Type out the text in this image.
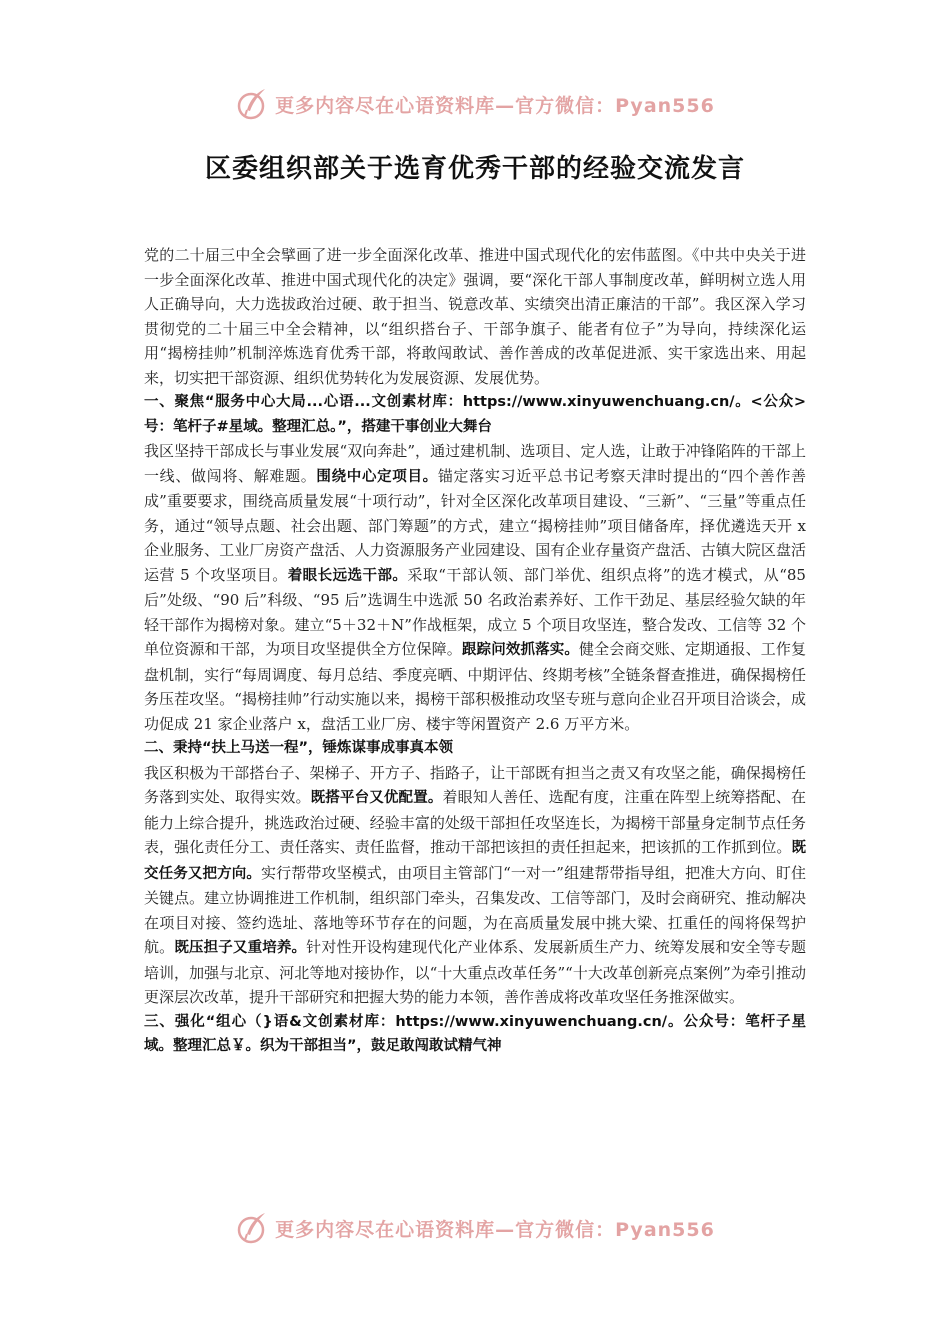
更多内容尽在心语资料库—官方微信：Pyan556
区委组织部关于选育优秀干部的经验交流发言

党的二十届三中全会擘画了进一步全面深化改革、推进中国式现代化的宏伟蓝图。《中共中央关于进一步全面深化改革、推进中国式现代化的决定》强调，要“深化干部人事制度改革，鲜明树立选人用人正确导向，大力选拔政治过硬、敢于担当、锐意改革、实绩突出清正廉洁的干部”。我区深入学习贯彻党的二十届三中全会精神，以“组织搭台子、干部争旗子、能者有位子”为导向，持续深化运用“揭榜挂帅”机制淬炼选育优秀干部，将敢闯敢试、善作善成的改革促进派、实干家选出来、用起来，切实把干部资源、组织优势转化为发展资源、发展优势。

一、聚焦“服务中心大局...心语...文创素材库：https://www.xinyuwenchuang.cn/。<公众>号：笔杆子#星域。整理汇总。”，搭建干事创业大舞台

我区坚持干部成长与事业发展“双向奔赴”，通过建机制、选项目、定人选，让敢于冲锋陷阵的干部上一线、做闯将、解难题。围绕中心定项目。锚定落实习近平总书记考察天津时提出的“四个善作善成”重要要求，围绕高质量发展“十项行动”，针对全区深化改革项目建设、“三新”、“三量”等重点任务，通过“领导点题、社会出题、部门筹题”的方式，建立“揭榜挂帅”项目储备库，择优遴选天开 x 企业服务、工业厂房资产盘活、人力资源服务产业园建设、国有企业存量资产盘活、古镇大院区盘活运营 5 个攻坚项目。着眼长远选干部。采取“干部认领、部门举优、组织点将”的选才模式，从“85 后”处级、“90 后”科级、“95 后”选调生中选派 50 名政治素养好、工作干劲足、基层经验欠缺的年轻干部作为揭榜对象。建立“5＋32＋N”作战框架，成立 5 个项目攻坚连，整合发改、工信等 32 个单位资源和干部，为项目攻坚提供全方位保障。跟踪问效抓落实。健全会商交账、定期通报、工作复盘机制，实行“每周调度、每月总结、季度亮晒、中期评估、终期考核”全链条督查推进，确保揭榜任务压茬攻坚。“揭榜挂帅”行动实施以来，揭榜干部积极推动攻坚专班与意向企业召开项目洽谈会，成功促成 21 家企业落户 x，盘活工业厂房、楼宇等闲置资产 2.6 万平方米。

二、秉持“扶上马送一程”，锤炼谋事成事真本领

我区积极为干部搭台子、架梯子、开方子、指路子，让干部既有担当之责又有攻坚之能，确保揭榜任务落到实处、取得实效。既搭平台又优配置。着眼知人善任、选配有度，注重在阵型上统筹搭配、在能力上综合提升，挑选政治过硬、经验丰富的处级干部担任攻坚连长，为揭榜干部量身定制节点任务表，强化责任分工、责任落实、责任监督，推动干部把该担的责任担起来，把该抓的工作抓到位。既交任务又把方向。实行帮带攻坚模式，由项目主管部门“一对一”组建帮带指导组，把准大方向、盯住关键点。建立协调推进工作机制，组织部门牵头，召集发改、工信等部门，及时会商研究、推动解决在项目对接、签约选址、落地等环节存在的问题，为在高质量发展中挑大梁、扛重任的闯将保驾护航。既压担子又重培养。针对性开设构建现代化产业体系、发展新质生产力、统筹发展和安全等专题培训，加强与北京、河北等地对接协作，以“十大重点改革任务”“十大改革创新亮点案例”为牵引推动更深层次改革，提升干部研究和把握大势的能力本领，善作善成将改革攻坚任务推深做实。

三、强化“组心（}语&文创素材库：https://www.xinyuwenchuang.cn/。公众号：笔杆子星域。整理汇总￥。织为干部担当”，鼓足敢闯敢试精气神

更多内容尽在心语资料库—官方微信：Pyan556
